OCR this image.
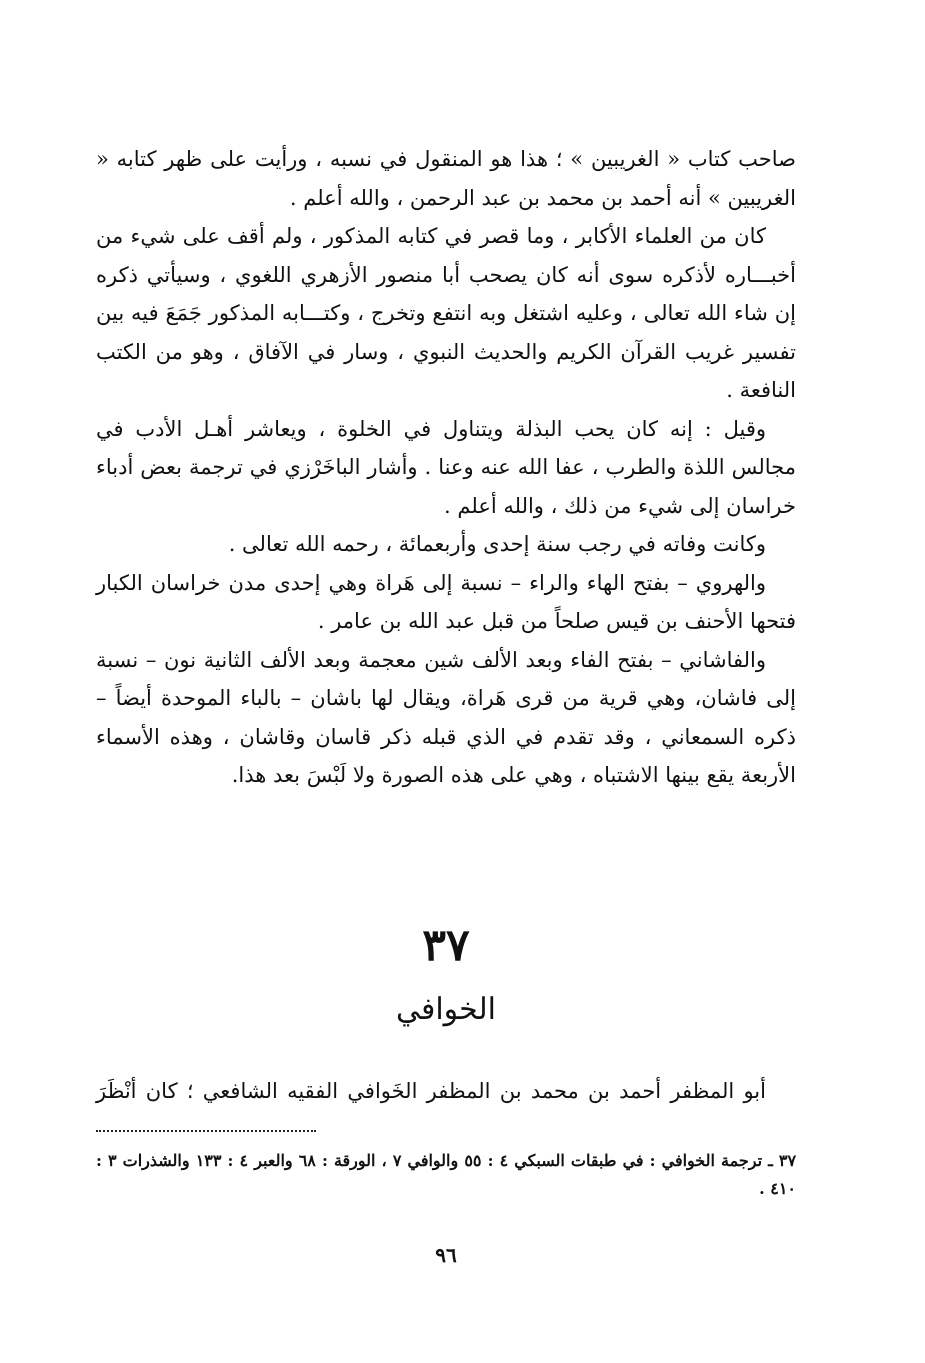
صاحب كتاب « الغريبين » ؛ هذا هو المنقول في نسبه ، ورأيت على ظهر كتابه « الغريبين » أنه أحمد بن محمد بن عبد الرحمن ، والله أعلم .

كان من العلماء الأكابر ، وما قصر في كتابه المذكور ، ولم أقف على شيء من أخبـــاره لأذكره سوى أنه كان يصحب أبا منصور الأزهري اللغوي ، وسيأتي ذكره إن شاء الله تعالى ، وعليه اشتغل وبه انتفع وتخرج ، وكتـــابه المذكور جَمَعَ فيه بين تفسير غريب القرآن الكريم والحديث النبوي ، وسار في الآفاق ، وهو من الكتب النافعة .

وقيل : إنه كان يحب البذلة ويتناول في الخلوة ، ويعاشر أهـل الأدب في مجالس اللذة والطرب ، عفا الله عنه وعنا . وأشار الباخَرْزي في ترجمة بعض أدباء خراسان إلى شيء من ذلك ، والله أعلم .

وكانت وفاته في رجب سنة إحدى وأربعمائة ، رحمه الله تعالى .

والهروي – بفتح الهاء والراء – نسبة إلى هَراة وهي إحدى مدن خراسان الكبار فتحها الأحنف بن قيس صلحاً من قبل عبد الله بن عامر .

والفاشاني – بفتح الفاء وبعد الألف شين معجمة وبعد الألف الثانية نون – نسبة إلى فاشان، وهي قرية من قرى هَراة، ويقال لها باشان – بالباء الموحدة أيضاً – ذكره السمعاني ، وقد تقدم في الذي قبله ذكر قاسان وقاشان ، وهذه الأسماء الأربعة يقع بينها الاشتباه ، وهي على هذه الصورة ولا لَبْسَ بعد هذا.

٣٧
الخوافي
أبو المظفر أحمد بن محمد بن المظفر الخَوافي الفقيه الشافعي ؛ كان أنْظَرَ
٣٧ ـ ترجمة الخوافي : في طبقات السبكي ٤ : ٥٥ والوافي ٧ ، الورقة : ٦٨ والعبر ٤ : ١٣٣ والشذرات ٣ : ٤١٠ .
٩٦
